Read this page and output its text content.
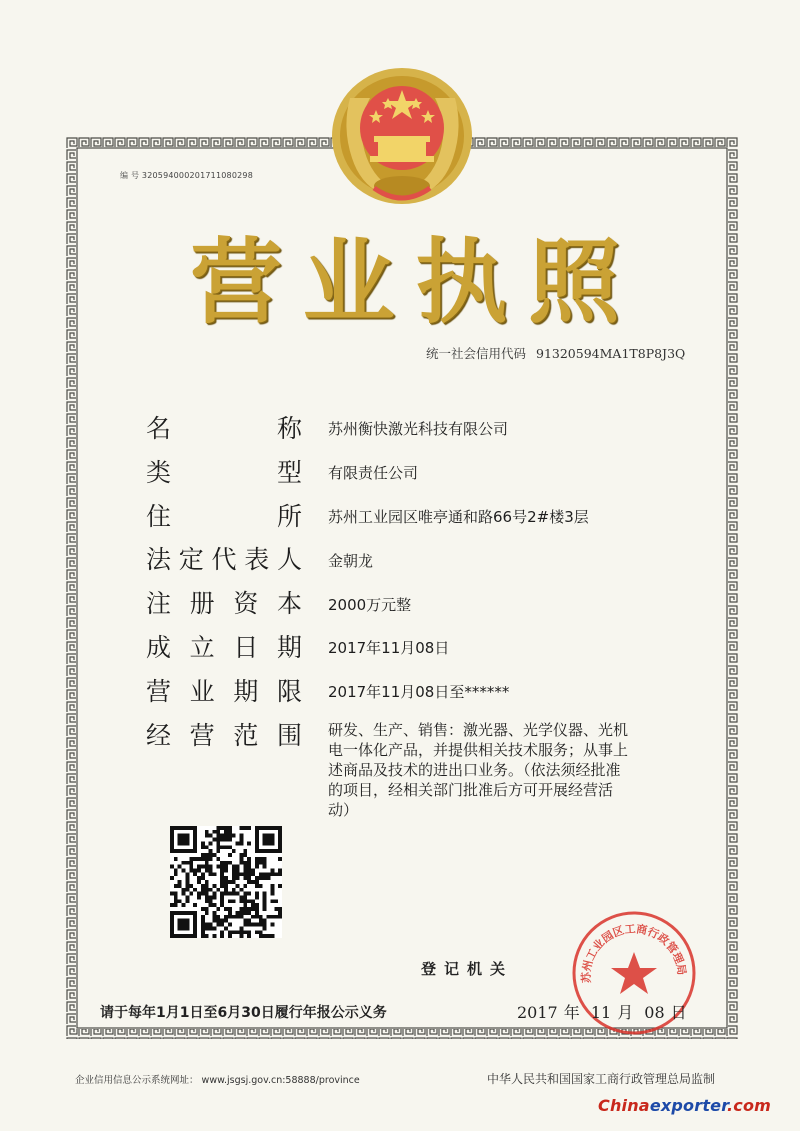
编 号 320594000201711080298
营 业 执 照
统一社会信用代码 91320594MA1T8P8J3Q
名称 苏州衡快激光科技有限公司
类型 有限责任公司
住所 苏州工业园区唯亭通和路66号2#楼3层
法定代表人 金朝龙
注册资本 2000万元整
成立日期 2017年11月08日
营业期限 2017年11月08日至******
经营范围 研发、生产、销售：激光器、光学仪器、光机
电一体化产品，并提供相关技术服务；从事上
述商品及技术的进出口业务。（依法须经批准
的项目，经相关部门批准后方可开展经营活
动）
登记机关
请于每年1月1日至6月30日履行年报公示义务
苏州工业园区工商行政管理局
2017 年 11 月 08 日
企业信用信息公示系统网址： www.jsgsj.gov.cn:58888/province	中华人民共和国国家工商行政管理总局监制
Chinaexporter.com
